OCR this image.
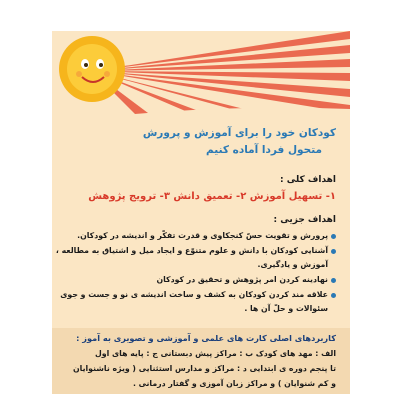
کودکان خود را برای آموزش و پرورش
متحول فردا آماده کنیم
اهداف کلی :
۱- تسهیل آموزش ۲- تعمیق دانش ۳- ترویج پژوهش
اهداف جزیی :
پرورش و تقویت حسّ کنجکاوی و قدرت تفکّر و اندیشه در کودکان.
آشنایی کودکان با دانش و علوم متنوّع و ایجاد میل و اشتیاق به مطالعه ،
آموزش و یادگیری.
نهادینه کردن امر پژوهش و تحقیق در کودکان
علاقه مند کردن کودکان به کشف و ساخت اندیشه ی نو و جست و جوی
سئوالات و حلّ آن ها .
کاربردهای اصلی کارت های علمی و آموزشی و تصویری به آموز :
الف : مهد های کودک ب : مراکز پیش دبستانی ج : پایه های اول
تا پنجم دوره ی ابتدایی د : مراکز و مدارس استثنایی ( ویژه ناشنوایان
و کم شنوایان ) و مراکز زبان آموزی و گفتار درمانی .
